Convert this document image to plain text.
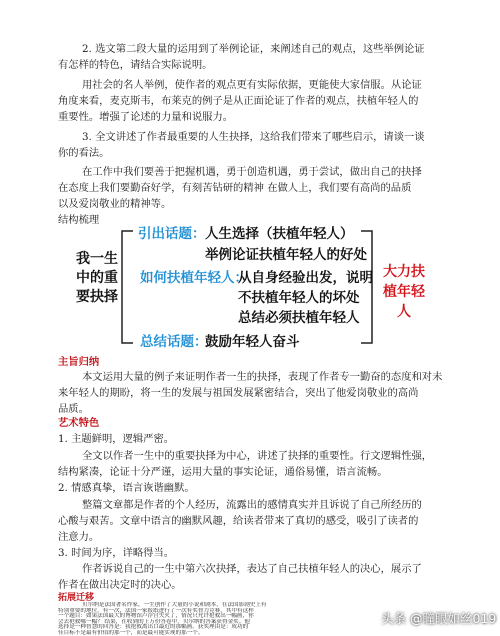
2. 选文第二段大量的运用到了举例论证，来阐述自己的观点，这些举例论证
有怎样的特色，请结合实际说明。
用社会的名人举例，使作者的观点更有实际依据，更能使大家信服。从论证
角度来看，麦克斯韦，布莱克的例子是从正面论证了作者的观点，扶植年轻人的
重要性。增强了论述的力量和说服力。
3. 全文讲述了作者最重要的人生抉择，这给我们带来了哪些启示，请谈一谈
你的看法。
在工作中我们要善于把握机遇，勇于创造机遇，勇于尝试，做出自己的抉择
在态度上我们要勤奋好学，有刻苦钻研的精神 在做人上，我们要有高尚的品质
以及爱岗敬业的精神等。
结构梳理
我一生中的重要抉择
引出话题： 人生选择（扶植年轻人）
举例论证扶植年轻人的好处
如何扶植年轻人：
从自身经验出发，说明
不扶植年轻人的坏处
总结必须扶植年轻人
总结话题：
鼓励年轻人奋斗
大力扶植年轻人
主旨归纳
本文运用大量的例子来证明作者一生的抉择，表现了作者专一勤奋的态度和对未
来年轻人的期盼，将一生的发展与祖国发展紧密结合，突出了他爱岗敬业的高尚
品质。
艺术特色
1. 主题鲜明，逻辑严密。
全文以作者一生中的重要抉择为中心，讲述了抉择的重要性。行文逻辑性强，
结构紧凑，论证十分严谨，运用大量的事实论证，通俗易懂，语言流畅。
2. 情感真挚，语言诙谐幽默。
整篇文章都是作者的个人经历，流露出的感情真实并且诉说了自己所经历的
心酸与艰苦。文章中语言的幽默风趣，给读者带来了真切的感受，吸引了读者的
注意力。
3. 时间为序，详略得当。
作者诉说自己的一生中第六次抉择，表达了自己扶植年轻人的决心，展示了
作者在做出决定时的决心。
拓展迁移
贝尔纳是法国著名作家，一生创作了大量的小说和剧本，在法国影剧史上有
特别重要的地位。有一次，法国一家报纸进行了一次有奖智力竞赛，其中有这样
一个题目：如果法国最大的博物馆卢浮宫失火了，情况只允许抢救出一幅画，你
会去抢救哪一幅？ 结果，在收到的上万份答卷中，贝尔纳的答案获得金奖。他
选择是一种智慧的回答是：我抢救离出口最近的那幅画。获奖理由是：成功的
佳目标不是最有价值的那一个，而是最可能实现的那一个。
头条 @瞳眼如丝019
